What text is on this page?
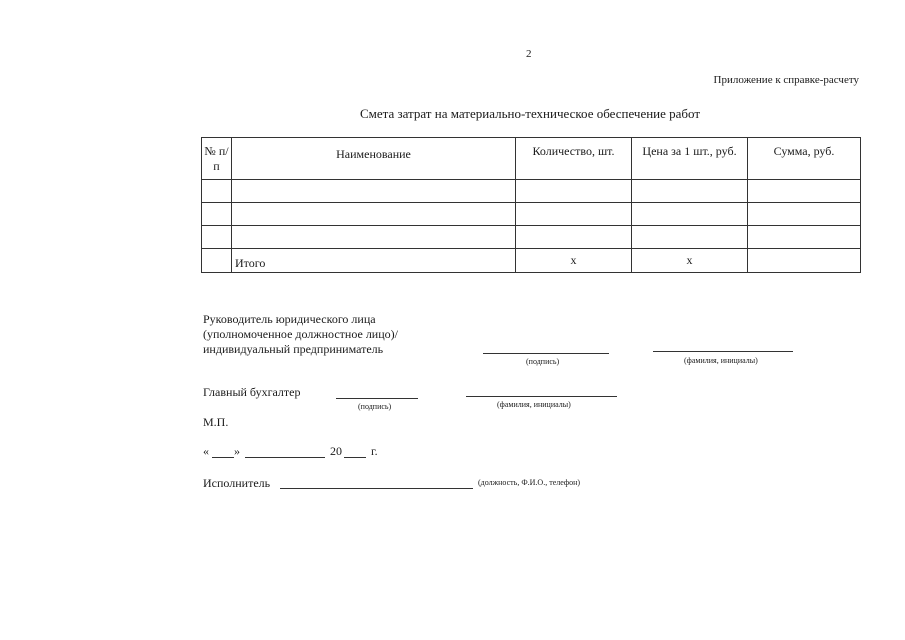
2
Приложение к справке-расчету
Смета затрат на материально-техническое обеспечение работ
№ п/п	Наименование	Количество, шт.	Цена за 1 шт., руб.	Сумма, руб.

	Итого	x	x	
Руководитель юридического лица
(уполномоченное должностное лицо)/
индивидуальный предприниматель
(подпись)	(фамилия, инициалы)
Главный бухгалтер
(подпись)	(фамилия, инициалы)
М.П.
« »	20 г.
Исполнитель	(должность, Ф.И.О., телефон)
